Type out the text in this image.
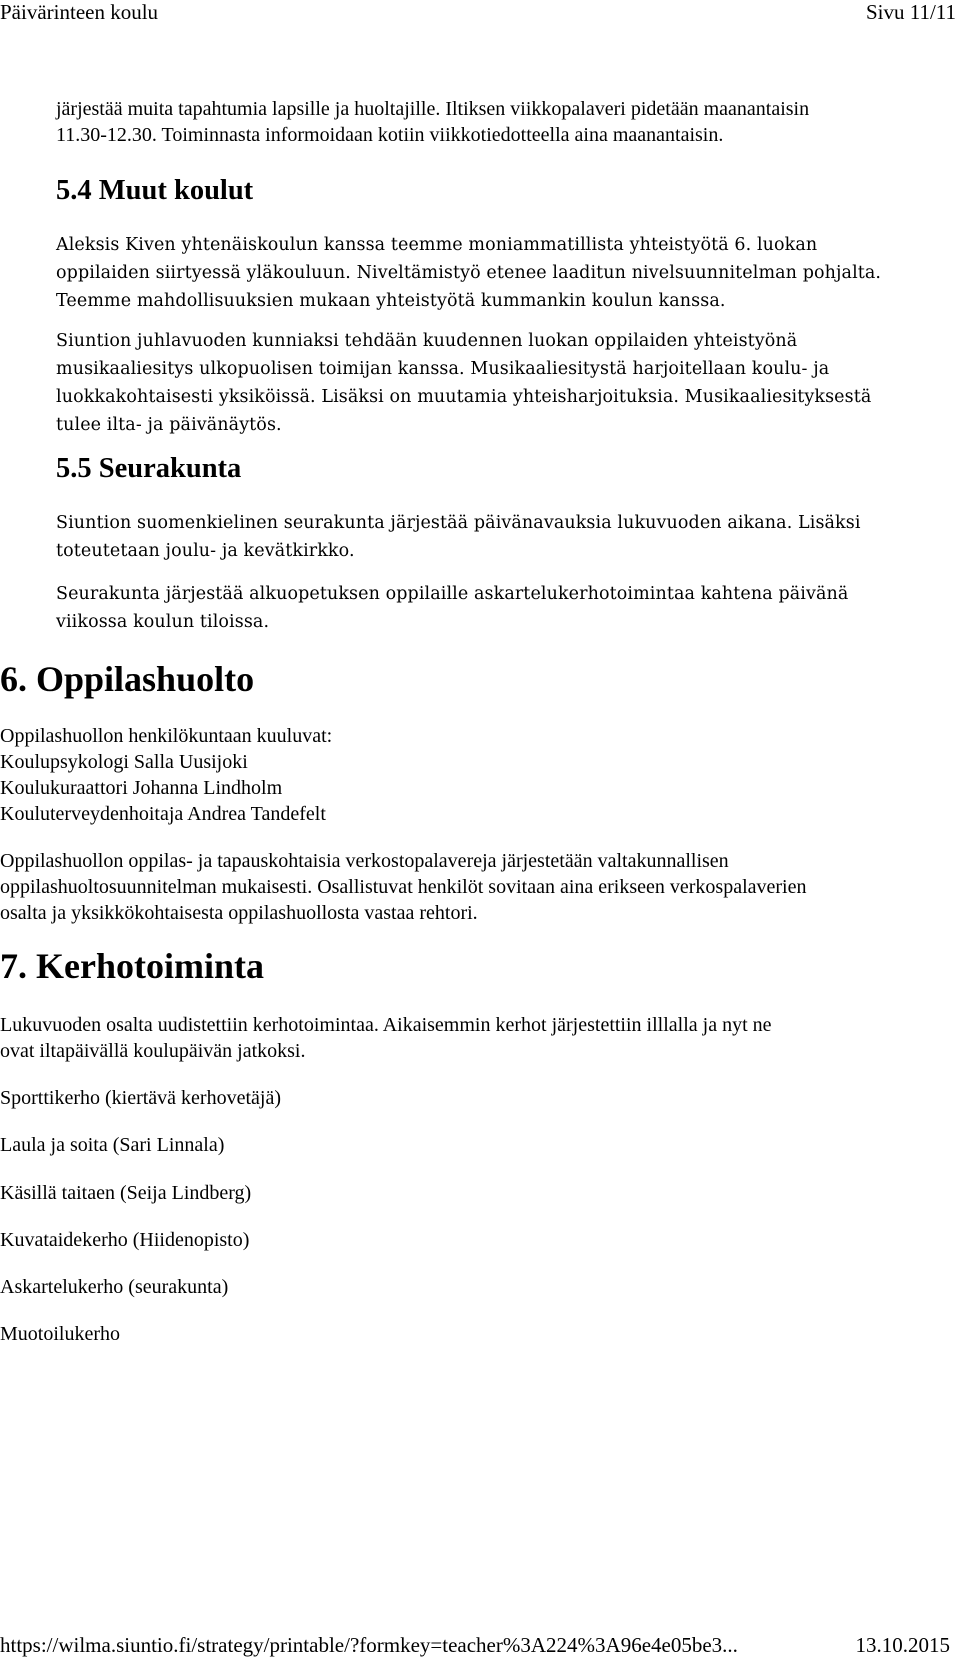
Päivärinteen koulu	Sivu 11/11
järjestää muita tapahtumia lapsille ja huoltajille. Iltiksen viikkopalaveri pidetään maanantaisin
11.30-12.30. Toiminnasta informoidaan kotiin viikkotiedotteella aina maanantaisin.
5.4 Muut koulut
Aleksis Kiven yhtenäiskoulun kanssa teemme moniammatillista yhteistyötä 6. luokan
oppilaiden siirtyessä yläkouluun. Niveltämistyö etenee laaditun nivelsuunnitelman pohjalta.
Teemme mahdollisuuksien mukaan yhteistyötä kummankin koulun kanssa.
Siuntion juhlavuoden kunniaksi tehdään kuudennen luokan oppilaiden yhteistyönä
musikaaliesitys ulkopuolisen toimijan kanssa. Musikaaliesitystä harjoitellaan koulu- ja
luokkakohtaisesti yksiköissä. Lisäksi on muutamia yhteisharjoituksia. Musikaaliesityksestä
tulee ilta- ja päivänäytös.
5.5 Seurakunta
Siuntion suomenkielinen seurakunta järjestää päivänavauksia lukuvuoden aikana. Lisäksi
toteutetaan joulu- ja kevätkirkko.
Seurakunta järjestää alkuopetuksen oppilaille askartelukerhotoimintaa kahtena päivänä
viikossa koulun tiloissa.
6. Oppilashuolto
Oppilashuollon henkilökuntaan kuuluvat:
Koulupsykologi Salla Uusijoki
Koulukuraattori Johanna Lindholm
Kouluterveydenhoitaja Andrea Tandefelt
Oppilashuollon oppilas- ja tapauskohtaisia verkostopalavereja järjestetään valtakunnallisen
oppilashuoltosuunnitelman mukaisesti. Osallistuvat henkilöt sovitaan aina erikseen verkospalaverien
osalta ja yksikkökohtaisesta oppilashuollosta vastaa rehtori.
7. Kerhotoiminta
Lukuvuoden osalta uudistettiin kerhotoimintaa. Aikaisemmin kerhot järjestettiin illlalla ja nyt ne
ovat iltapäivällä koulupäivän jatkoksi.
Sporttikerho (kiertävä kerhovetäjä)
Laula ja soita (Sari Linnala)
Käsillä taitaen (Seija Lindberg)
Kuvataidekerho (Hiidenopisto)
Askartelukerho (seurakunta)
Muotoilukerho
https://wilma.siuntio.fi/strategy/printable/?formkey=teacher%3A224%3A96e4e05be3...	13.10.2015
